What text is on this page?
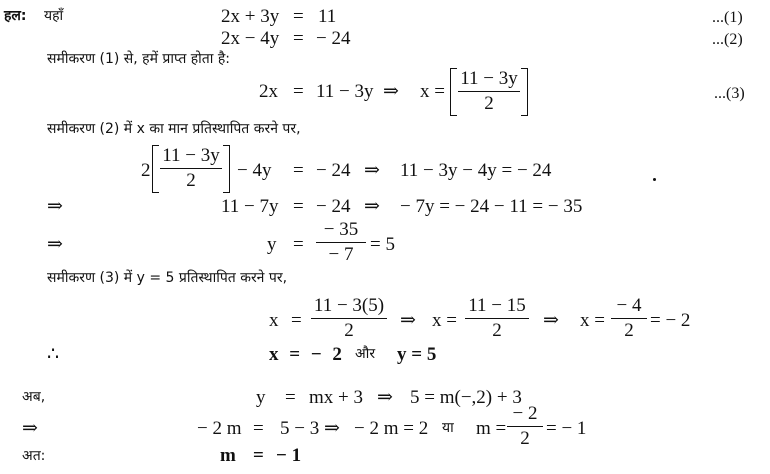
हल: यहाँ	2x + 3y = 11	...(1)
2x − 4y = − 24	...(2)
समीकरण (1) से, हमें प्राप्त होता है:
2x = 11 − 3y ⇒ x =
11 − 3y
2	...(3)
समीकरण (2) में x का मान प्रतिस्थापित करने पर,
2
11 − 3y
2	− 4y = − 24 ⇒ 11 − 3y − 4y = − 24
⇒	11 − 7y = − 24 ⇒ − 7y = − 24 − 11 = − 35
⇒	y =
− 35
− 7 = 5
समीकरण (3) में y = 5 प्रतिस्थापित करने पर,
x =
11 − 3(5)
2	⇒ x =
11 − 15
2	⇒ x =
− 4
2 = − 2
∴	x = − 2 और y = 5
अब,	y = mx + 3 ⇒ 5 = m(−,2) + 3
⇒	− 2 m = 5 − 3 ⇒ − 2 m = 2 या m =
− 2
2 = − 1
अत:	m = − 1
